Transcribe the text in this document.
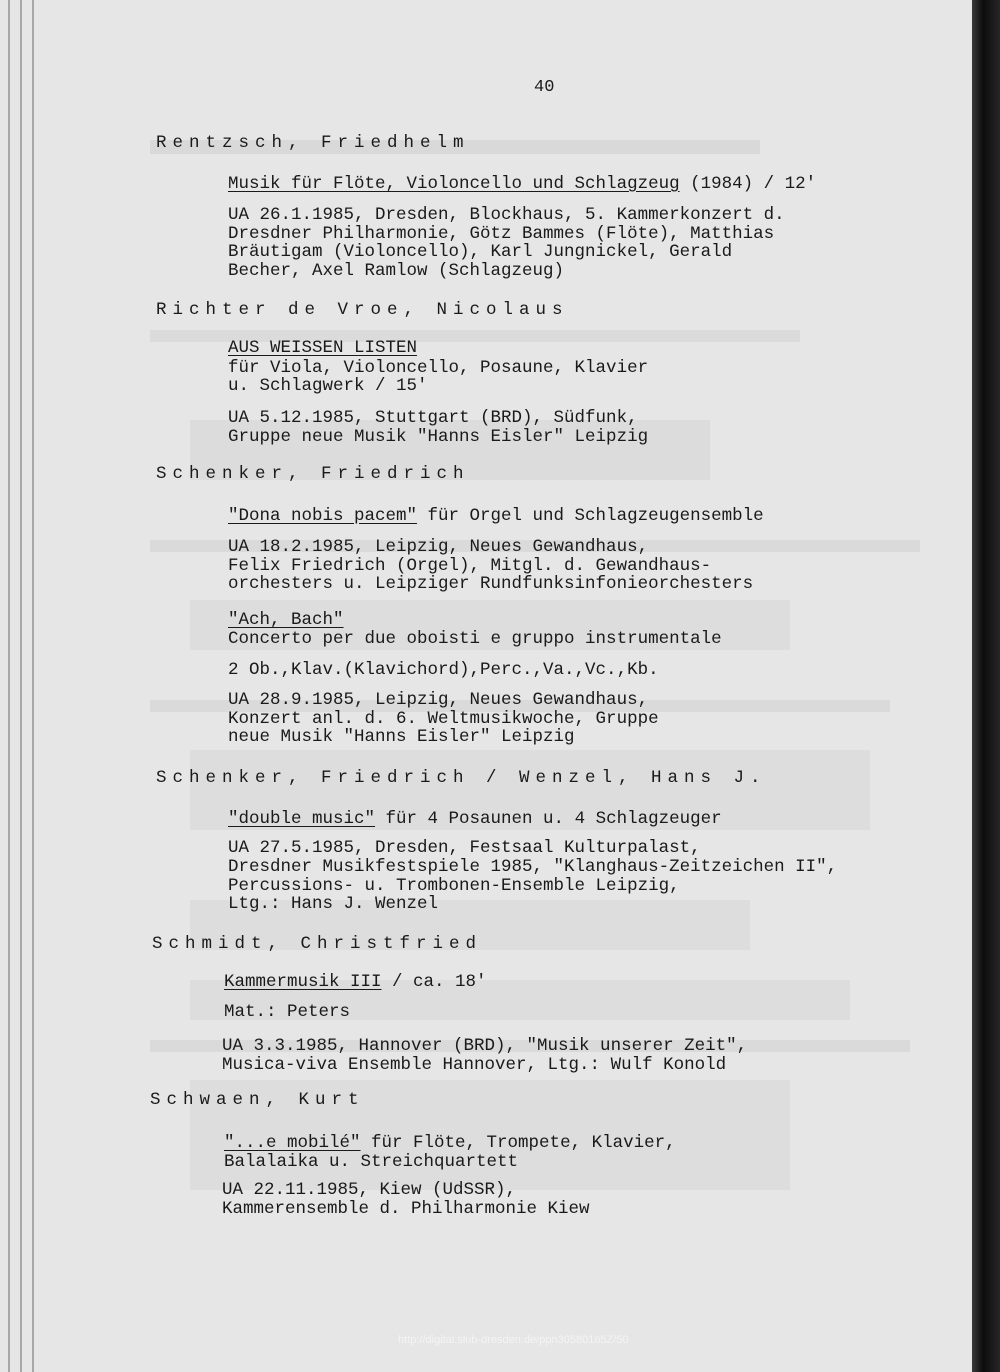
40
Rentzsch, Friedhelm
Musik für Flöte, Violoncello und Schlagzeug (1984) / 12'
UA 26.1.1985, Dresden, Blockhaus, 5. Kammerkonzert d.
Dresdner Philharmonie, Götz Bammes (Flöte), Matthias
Bräutigam (Violoncello), Karl Jungnickel, Gerald
Becher, Axel Ramlow (Schlagzeug)
Richter de Vroe, Nicolaus
AUS WEISSEN LISTEN
für Viola, Violoncello, Posaune, Klavier
u. Schlagwerk / 15'
UA 5.12.1985, Stuttgart (BRD), Südfunk,
Gruppe neue Musik "Hanns Eisler" Leipzig
Schenker, Friedrich
"Dona nobis pacem" für Orgel und Schlagzeugensemble
UA 18.2.1985, Leipzig, Neues Gewandhaus,
Felix Friedrich (Orgel), Mitgl. d. Gewandhaus-
orchesters u. Leipziger Rundfunksinfonieorchesters
"Ach, Bach"
Concerto per due oboisti e gruppo instrumentale
2 Ob.,Klav.(Klavichord),Perc.,Va.,Vc.,Kb.
UA 28.9.1985, Leipzig, Neues Gewandhaus,
Konzert anl. d. 6. Weltmusikwoche, Gruppe
neue Musik "Hanns Eisler" Leipzig
Schenker, Friedrich / Wenzel, Hans J.
"double music" für 4 Posaunen u. 4 Schlagzeuger
UA 27.5.1985, Dresden, Festsaal Kulturpalast,
Dresdner Musikfestspiele 1985, "Klanghaus-Zeitzeichen II",
Percussions- u. Trombonen-Ensemble Leipzig,
Ltg.: Hans J. Wenzel
Schmidt, Christfried
Kammermusik III / ca. 18'
Mat.: Peters
UA 3.3.1985, Hannover (BRD), "Musik unserer Zeit",
Musica-viva Ensemble Hannover, Ltg.: Wulf Konold
Schwaen, Kurt
"...e mobilé" für Flöte, Trompete, Klavier,
Balalaika u. Streichquartett
UA 22.11.1985, Kiew (UdSSR),
Kammerensemble d. Philharmonie Kiew
http://digital.slub-dresden.de/ppn30580165Z/50
